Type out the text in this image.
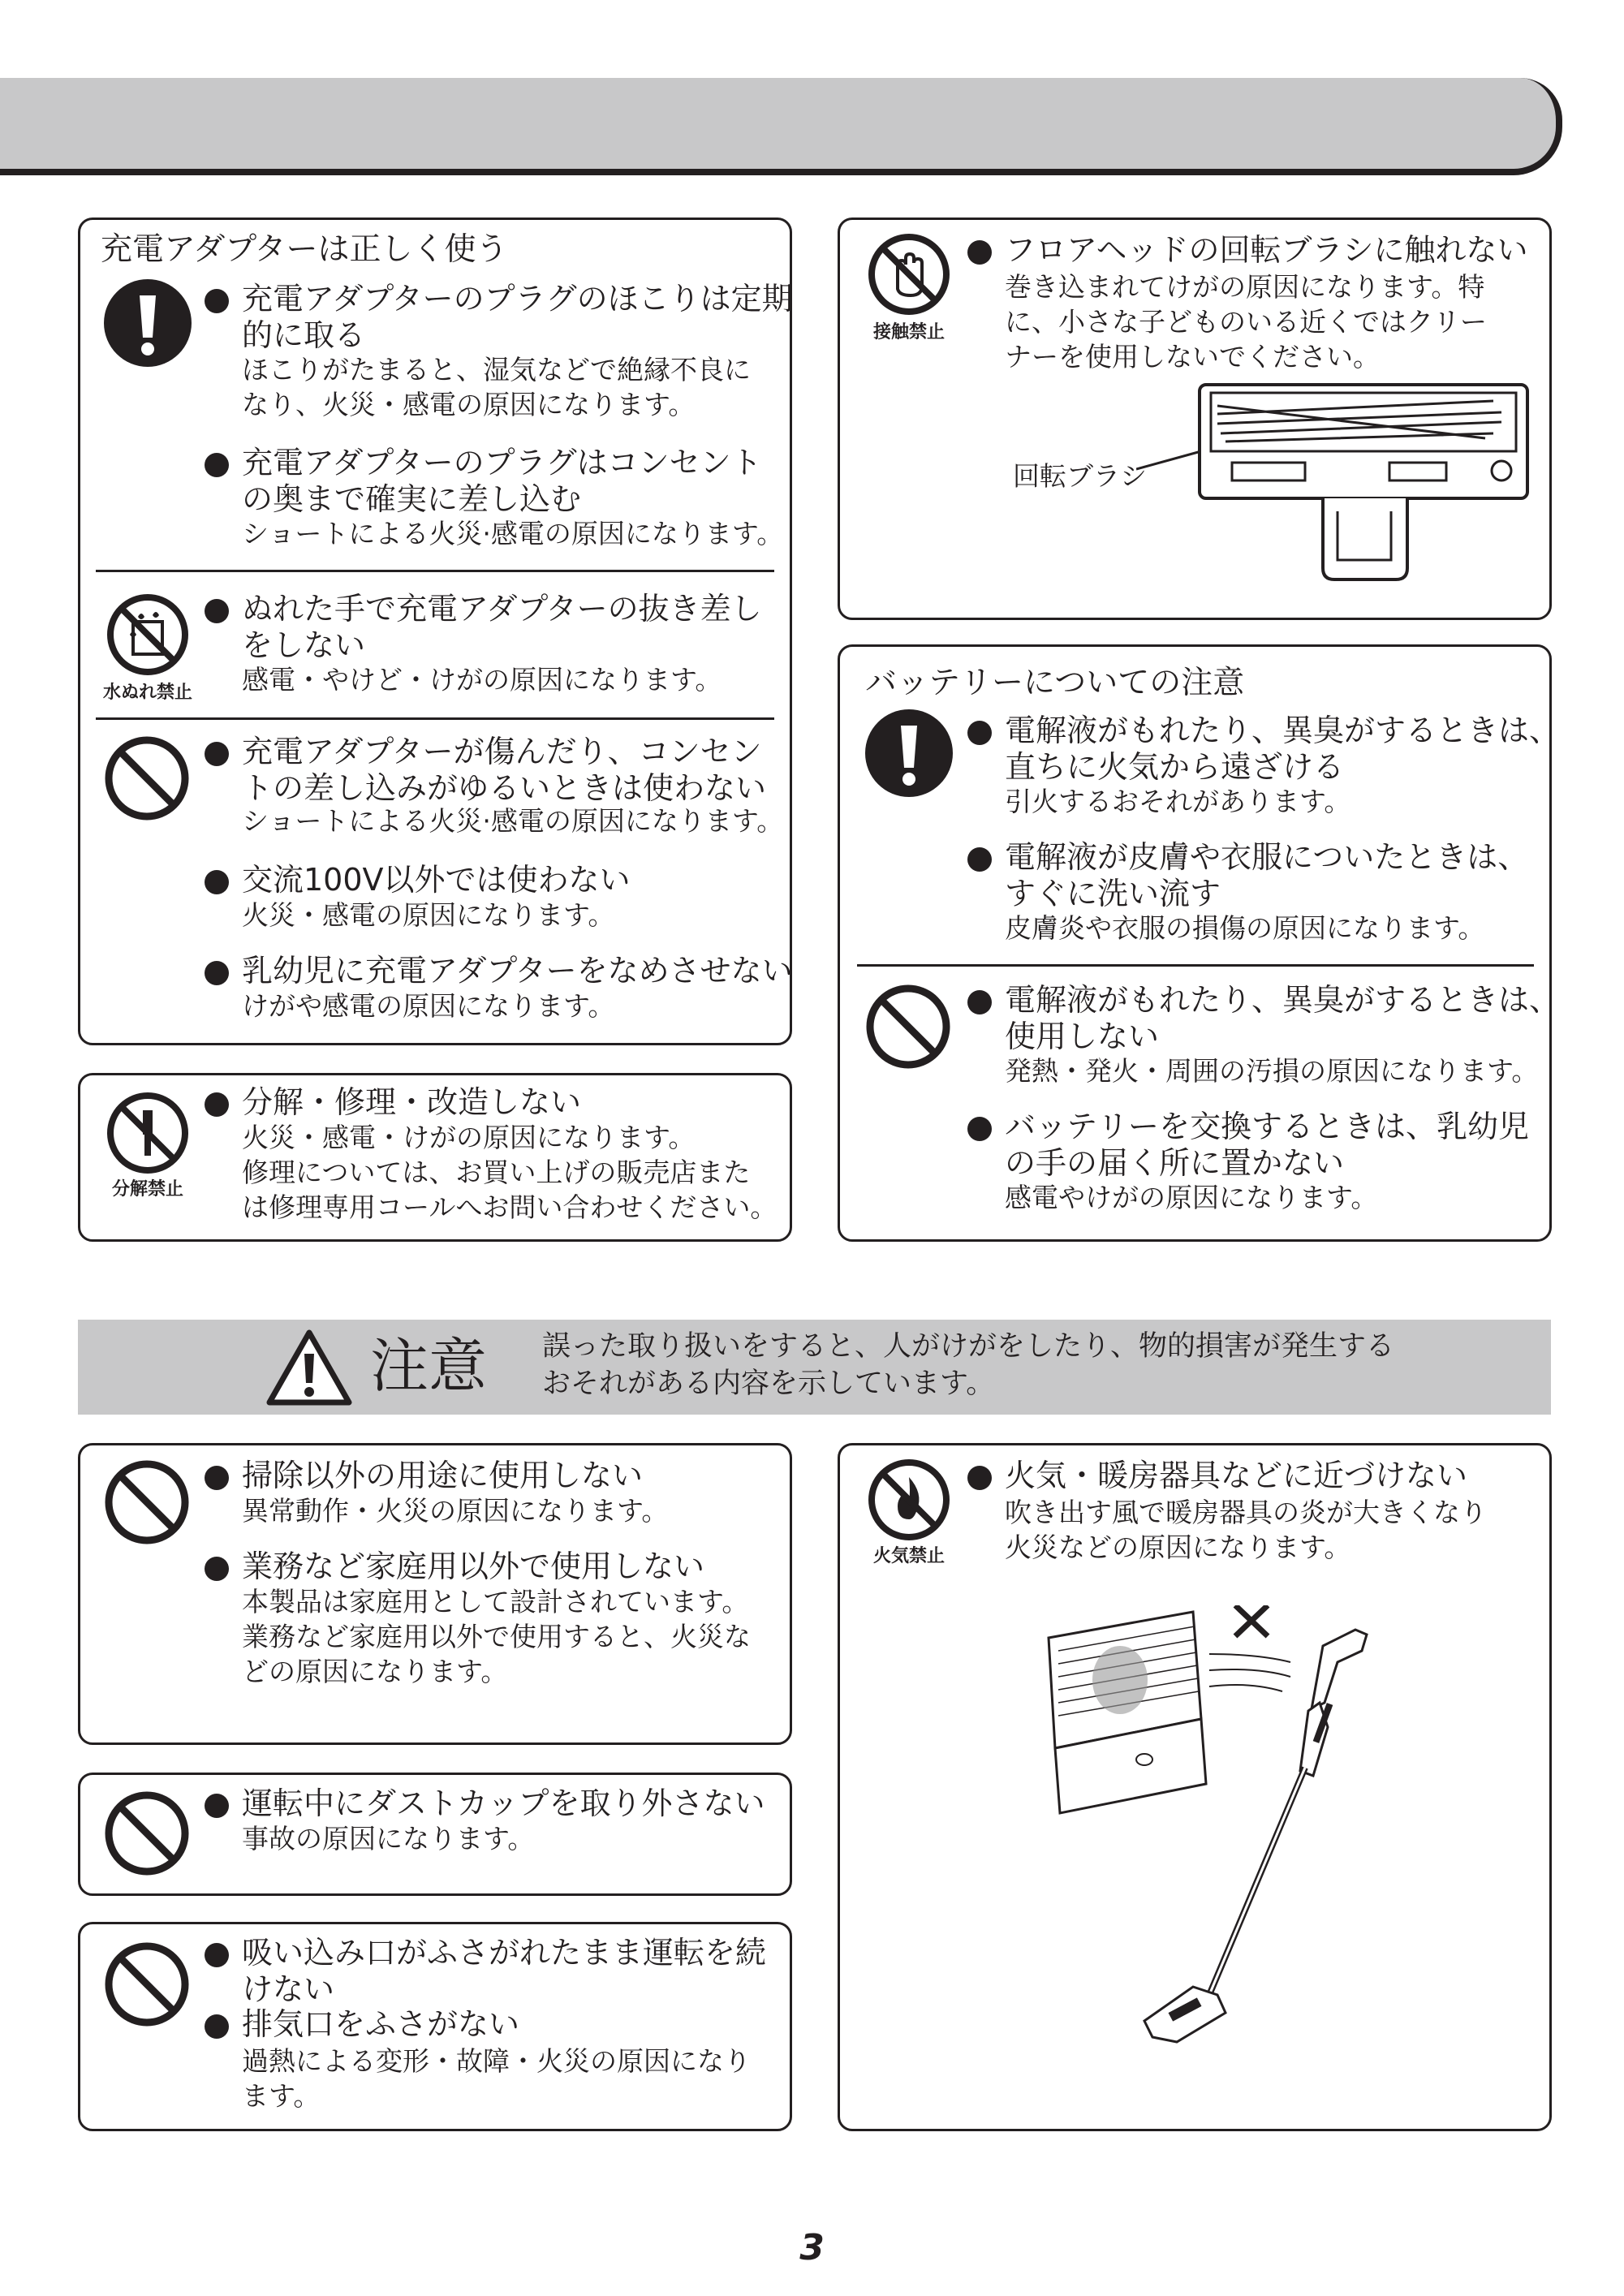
充電アダプターは正しく使う
充電アダプターのプラグのほこりは定期
的に取る
ほこりがたまると、湿気などで絶縁不良に
なり、火災・感電の原因になります。
充電アダプターのプラグはコンセント
の奥まで確実に差し込む
ショートによる火災·感電の原因になります。
水ぬれ禁止
ぬれた手で充電アダプターの抜き差し
をしない
感電・やけど・けがの原因になります。
充電アダプターが傷んだり、コンセン
トの差し込みがゆるいときは使わない
ショートによる火災·感電の原因になります。
交流100V以外では使わない
火災・感電の原因になります。
乳幼児に充電アダプターをなめさせない
けがや感電の原因になります。
分解禁止
分解・修理・改造しない
火災・感電・けがの原因になります。
修理については、お買い上げの販売店また
は修理専用コールへお問い合わせください。
接触禁止
フロアヘッドの回転ブラシに触れない
巻き込まれてけがの原因になります。特
に、小さな子どものいる近くではクリー
ナーを使用しないでください。
回転ブラシ
バッテリーについての注意
電解液がもれたり、異臭がするときは、
直ちに火気から遠ざける
引火するおそれがあります。
電解液が皮膚や衣服についたときは、
すぐに洗い流す
皮膚炎や衣服の損傷の原因になります。
電解液がもれたり、異臭がするときは、
使用しない
発熱・発火・周囲の汚損の原因になります。
バッテリーを交換するときは、乳幼児
の手の届く所に置かない
感電やけがの原因になります。
注意 誤った取り扱いをすると、人がけがをしたり、物的損害が発生する
おそれがある内容を示しています。
掃除以外の用途に使用しない
異常動作・火災の原因になります。
業務など家庭用以外で使用しない
本製品は家庭用として設計されています。
業務など家庭用以外で使用すると、火災な
どの原因になります。
運転中にダストカップを取り外さない
事故の原因になります。
吸い込み口がふさがれたまま運転を続
けない
排気口をふさがない
過熱による変形・故障・火災の原因になり
ます。
火気禁止
火気・暖房器具などに近づけない
吹き出す風で暖房器具の炎が大きくなり
火災などの原因になります。
3
